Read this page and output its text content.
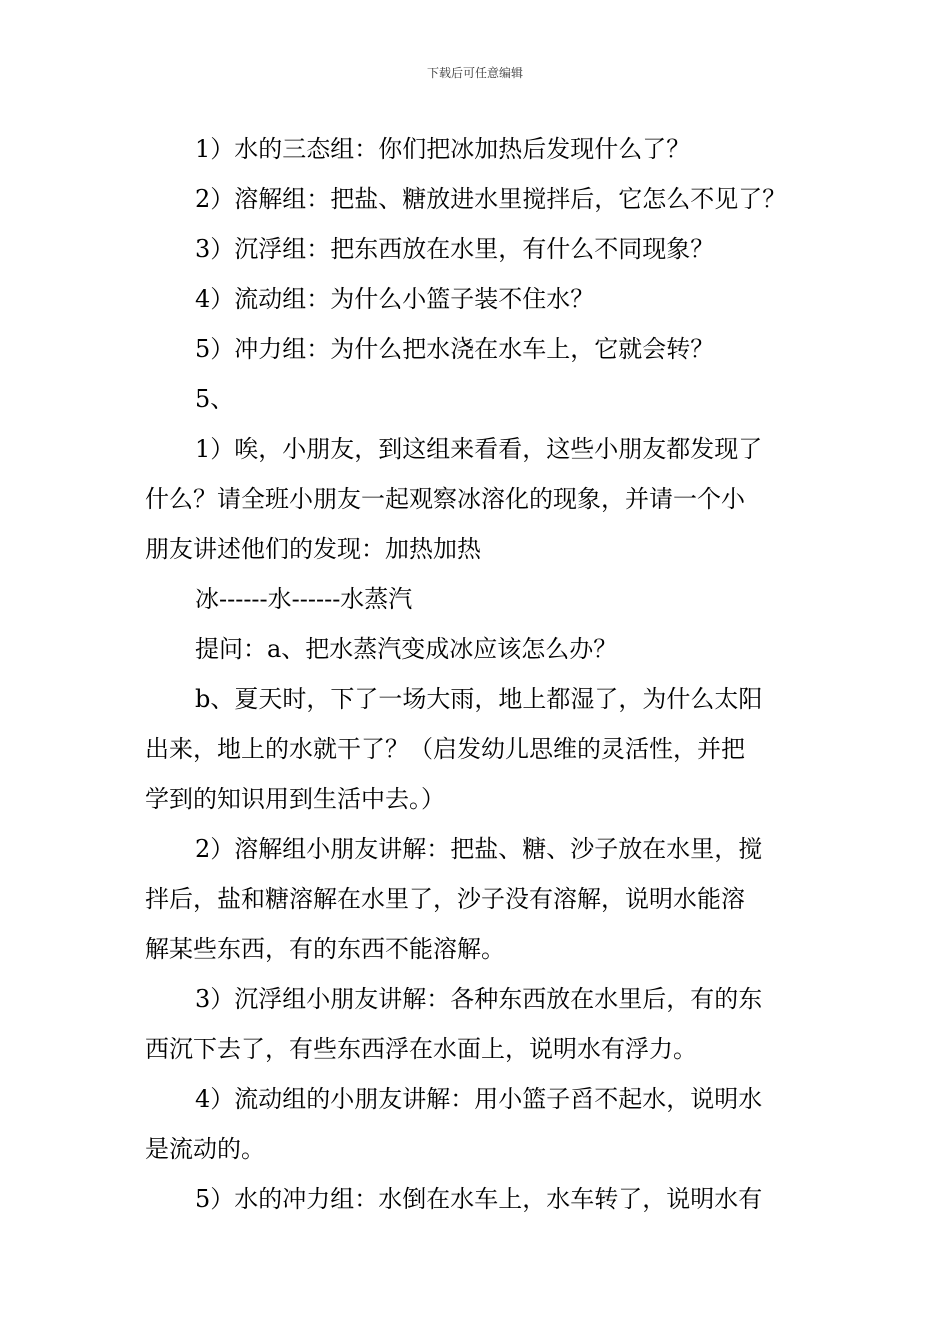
下载后可任意编辑
1）水的三态组：你们把冰加热后发现什么了？
2）溶解组：把盐、糖放进水里搅拌后，它怎么不见了？
3）沉浮组：把东西放在水里，有什么不同现象？
4）流动组：为什么小篮子装不住水？
5）冲力组：为什么把水浇在水车上，它就会转？
5、
1）唉，小朋友，到这组来看看，这些小朋友都发现了
什么？请全班小朋友一起观察冰溶化的现象，并请一个小
朋友讲述他们的发现：加热加热
冰------水------水蒸汽
提问：a、把水蒸汽变成冰应该怎么办？
b、夏天时，下了一场大雨，地上都湿了，为什么太阳
出来，地上的水就干了？（启发幼儿思维的灵活性，并把
学到的知识用到生活中去。）
2）溶解组小朋友讲解：把盐、糖、沙子放在水里，搅
拌后，盐和糖溶解在水里了，沙子没有溶解，说明水能溶
解某些东西，有的东西不能溶解。
3）沉浮组小朋友讲解：各种东西放在水里后，有的东
西沉下去了，有些东西浮在水面上，说明水有浮力。
4）流动组的小朋友讲解：用小篮子舀不起水，说明水
是流动的。
5）水的冲力组：水倒在水车上，水车转了，说明水有
